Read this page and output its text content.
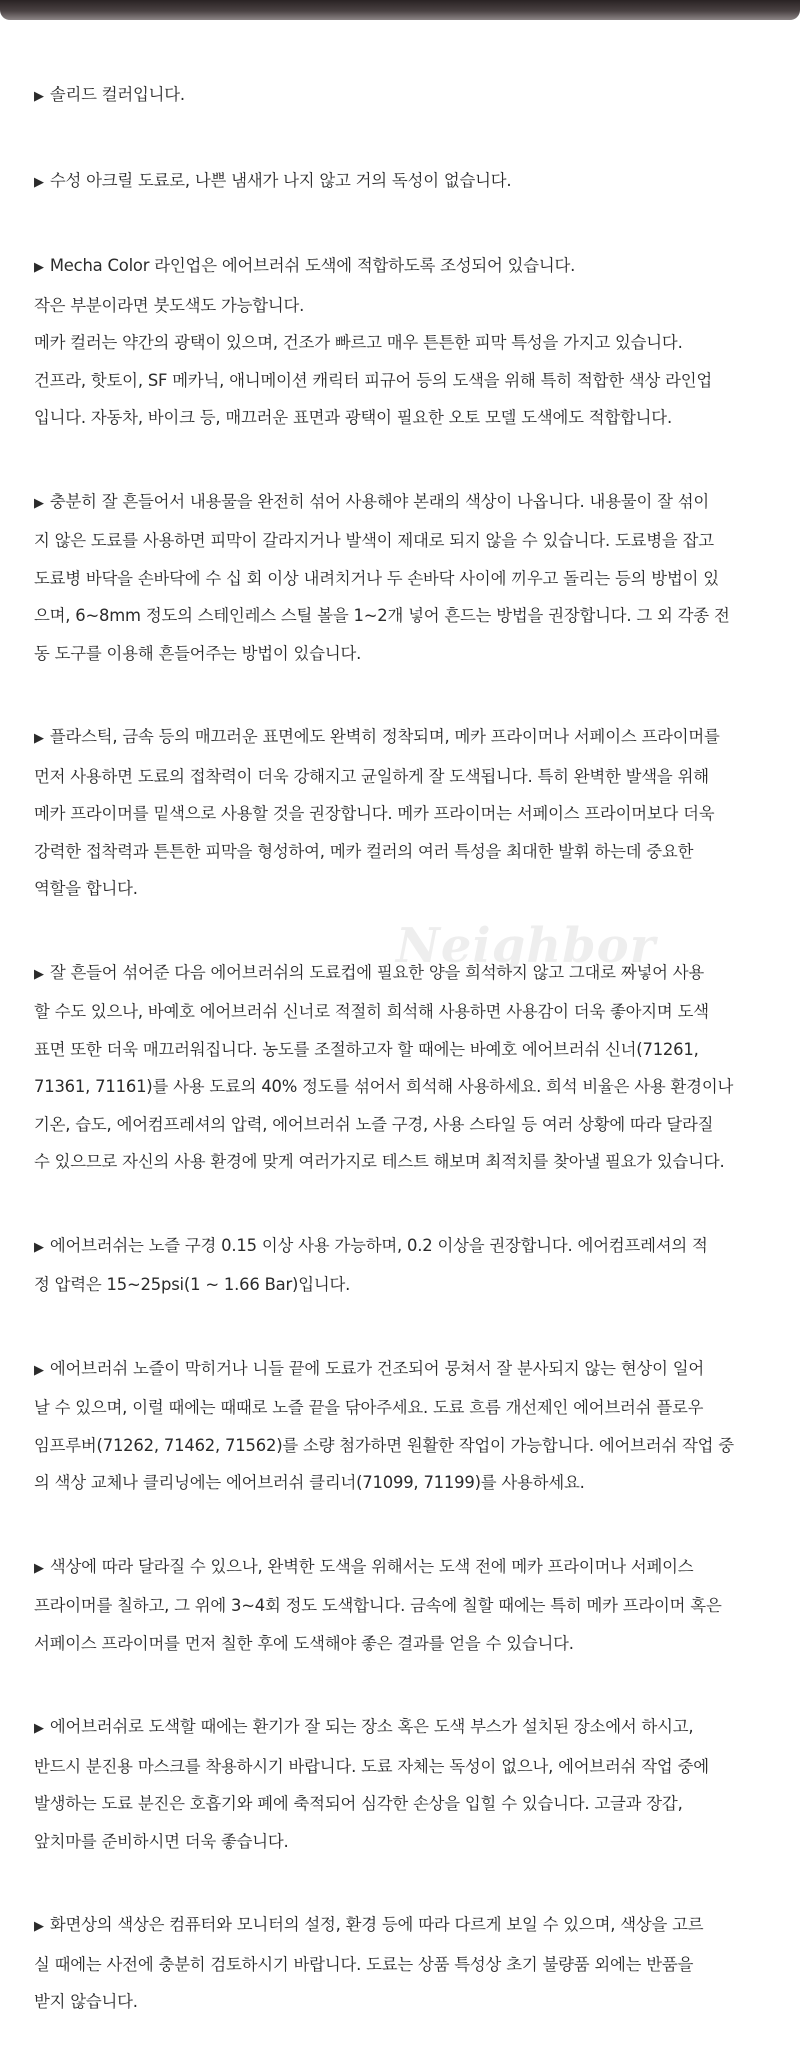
Neighbor
▶ 솔리드 컬러입니다.
▶ 수성 아크릴 도료로, 나쁜 냄새가 나지 않고 거의 독성이 없습니다.
▶ Mecha Color 라인업은 에어브러쉬 도색에 적합하도록 조성되어 있습니다.
작은 부분이라면 붓도색도 가능합니다.
메카 컬러는 약간의 광택이 있으며, 건조가 빠르고 매우 튼튼한 피막 특성을 가지고 있습니다.
건프라, 핫토이, SF 메카닉, 애니메이션 캐릭터 피규어 등의 도색을 위해 특히 적합한 색상 라인업
입니다. 자동차, 바이크 등, 매끄러운 표면과 광택이 필요한 오토 모델 도색에도 적합합니다.
▶ 충분히 잘 흔들어서 내용물을 완전히 섞어 사용해야 본래의 색상이 나옵니다. 내용물이 잘 섞이
지 않은 도료를 사용하면 피막이 갈라지거나 발색이 제대로 되지 않을 수 있습니다. 도료병을 잡고
도료병 바닥을 손바닥에 수 십 회 이상 내려치거나 두 손바닥 사이에 끼우고 돌리는 등의 방법이 있
으며, 6~8mm 정도의 스테인레스 스틸 볼을 1~2개 넣어 흔드는 방법을 권장합니다. 그 외 각종 전
동 도구를 이용해 흔들어주는 방법이 있습니다.
▶ 플라스틱, 금속 등의 매끄러운 표면에도 완벽히 정착되며, 메카 프라이머나 서페이스 프라이머를
먼저 사용하면 도료의 접착력이 더욱 강해지고 균일하게 잘 도색됩니다. 특히 완벽한 발색을 위해
메카 프라이머를 밑색으로 사용할 것을 권장합니다. 메카 프라이머는 서페이스 프라이머보다 더욱
강력한 접착력과 튼튼한 피막을 형성하여, 메카 컬러의 여러 특성을 최대한 발휘 하는데 중요한
역할을 합니다.
▶ 잘 흔들어 섞어준 다음 에어브러쉬의 도료컵에 필요한 양을 희석하지 않고 그대로 짜넣어 사용
할 수도 있으나, 바예호 에어브러쉬 신너로 적절히 희석해 사용하면 사용감이 더욱 좋아지며 도색
표면 또한 더욱 매끄러워집니다. 농도를 조절하고자 할 때에는 바예호 에어브러쉬 신너(71261,
71361, 71161)를 사용 도료의 40% 정도를 섞어서 희석해 사용하세요. 희석 비율은 사용 환경이나
기온, 습도, 에어컴프레셔의 압력, 에어브러쉬 노즐 구경, 사용 스타일 등 여러 상황에 따라 달라질
수 있으므로 자신의 사용 환경에 맞게 여러가지로 테스트 해보며 최적치를 찾아낼 필요가 있습니다.
▶ 에어브러쉬는 노즐 구경 0.15 이상 사용 가능하며, 0.2 이상을 권장합니다. 에어컴프레셔의 적
정 압력은 15~25psi(1 ~ 1.66 Bar)입니다.
▶ 에어브러쉬 노즐이 막히거나 니들 끝에 도료가 건조되어 뭉쳐서 잘 분사되지 않는 현상이 일어
날 수 있으며, 이럴 때에는 때때로 노즐 끝을 닦아주세요. 도료 흐름 개선제인 에어브러쉬 플로우
임프루버(71262, 71462, 71562)를 소량 첨가하면 원활한 작업이 가능합니다. 에어브러쉬 작업 중
의 색상 교체나 클리닝에는 에어브러쉬 클리너(71099, 71199)를 사용하세요.
▶ 색상에 따라 달라질 수 있으나, 완벽한 도색을 위해서는 도색 전에 메카 프라이머나 서페이스
프라이머를 칠하고, 그 위에 3~4회 정도 도색합니다. 금속에 칠할 때에는 특히 메카 프라이머 혹은
서페이스 프라이머를 먼저 칠한 후에 도색해야 좋은 결과를 얻을 수 있습니다.
▶ 에어브러쉬로 도색할 때에는 환기가 잘 되는 장소 혹은 도색 부스가 설치된 장소에서 하시고,
반드시 분진용 마스크를 착용하시기 바랍니다. 도료 자체는 독성이 없으나, 에어브러쉬 작업 중에
발생하는 도료 분진은 호흡기와 폐에 축적되어 심각한 손상을 입힐 수 있습니다. 고글과 장갑,
앞치마를 준비하시면 더욱 좋습니다.
▶ 화면상의 색상은 컴퓨터와 모니터의 설정, 환경 등에 따라 다르게 보일 수 있으며, 색상을 고르
실 때에는 사전에 충분히 검토하시기 바랍니다. 도료는 상품 특성상 초기 불량품 외에는 반품을
받지 않습니다.
